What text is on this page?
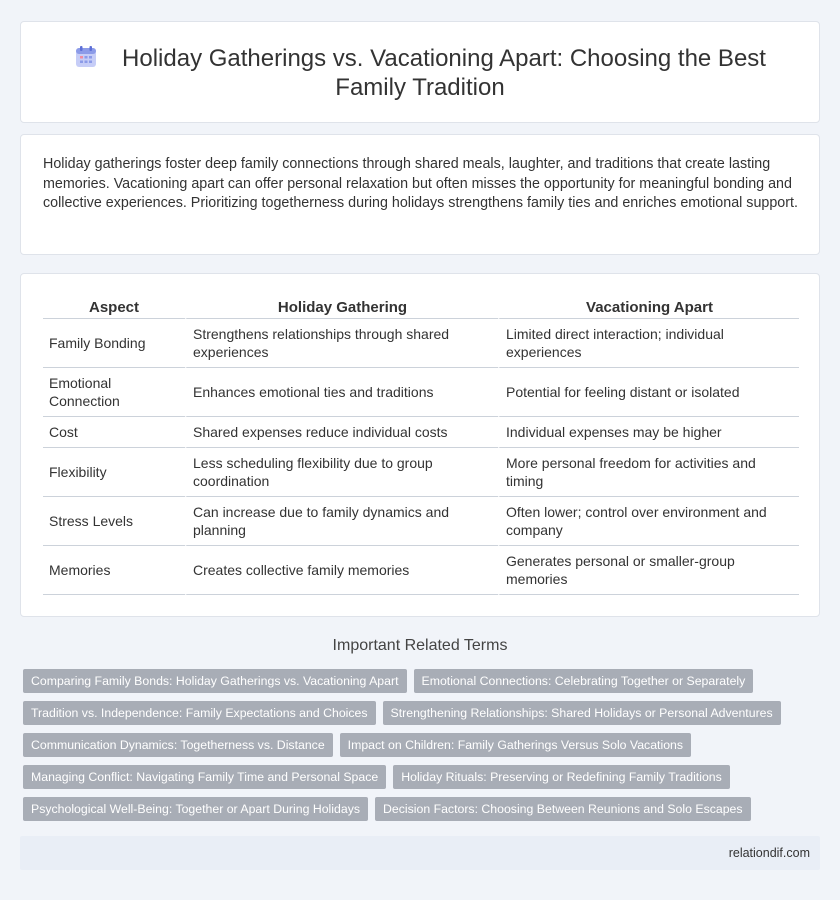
Holiday Gatherings vs. Vacationing Apart: Choosing the Best
Family Tradition

Holiday gatherings foster deep family connections through shared meals, laughter, and traditions that create lasting memories. Vacationing apart can offer personal relaxation but often misses the opportunity for meaningful bonding and collective experiences. Prioritizing togetherness during holidays strengthens family ties and enriches emotional support.

Aspect	Holiday Gathering	Vacationing Apart
Family Bonding	Strengthens relationships through shared experiences	Limited direct interaction; individual experiences
Emotional Connection	Enhances emotional ties and traditions	Potential for feeling distant or isolated
Cost	Shared expenses reduce individual costs	Individual expenses may be higher
Flexibility	Less scheduling flexibility due to group coordination	More personal freedom for activities and timing
Stress Levels	Can increase due to family dynamics and planning	Often lower; control over environment and company
Memories	Creates collective family memories	Generates personal or smaller-group memories
Important Related Terms
Comparing Family Bonds: Holiday Gatherings vs. Vacationing Apart Emotional Connections: Celebrating Together or Separately
Tradition vs. Independence: Family Expectations and Choices Strengthening Relationships: Shared Holidays or Personal Adventures
Communication Dynamics: Togetherness vs. Distance Impact on Children: Family Gatherings Versus Solo Vacations
Managing Conflict: Navigating Family Time and Personal Space Holiday Rituals: Preserving or Redefining Family Traditions
Psychological Well-Being: Together or Apart During Holidays Decision Factors: Choosing Between Reunions and Solo Escapes
relationdif.com
